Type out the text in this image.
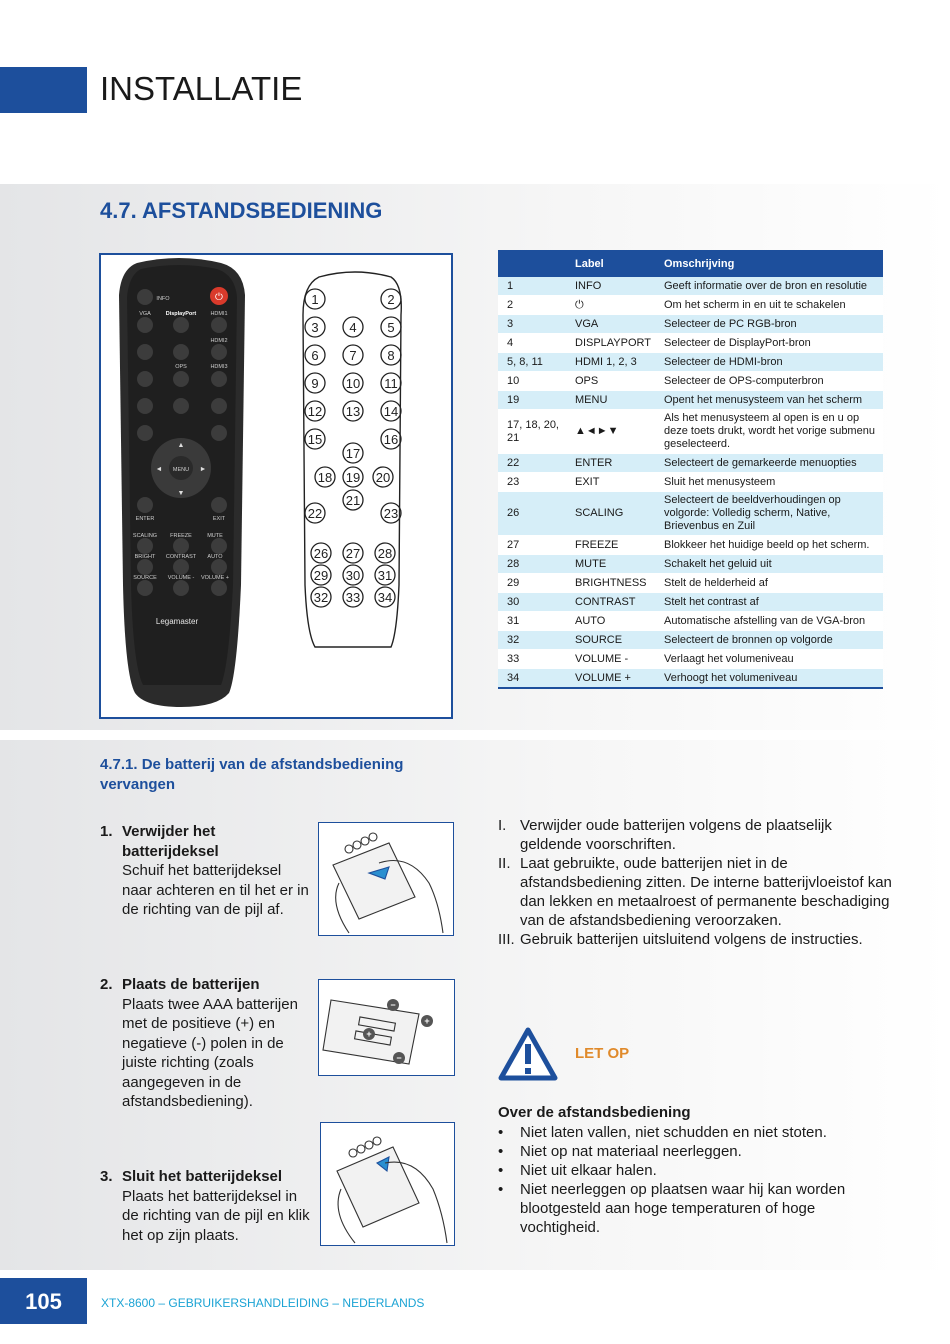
INSTALLATIE
4.7. AFSTANDSBEDIENING
⏻
▲
▼
◄	►
INFO
VGA	DisplayPort	HDMI1
HDMI2
OPS	HDMI3
MENU
ENTER	EXIT
SCALING FREEZE	MUTE
BRIGHT CONTRAST AUTO
SOURCE VOLUME - VOLUME +
Legamaster
1	2
3 4 5
6 7 8
9 10 11
12 13 14
15	16
17
18 19 20
21
22	23
26 27 28
29 30 31
32 33 34
	Label	Omschrijving
1	INFO	Geeft informatie over de bron en resolutie
2	⏻	Om het scherm in en uit te schakelen
3	VGA	Selecteer de PC RGB-bron
4	DISPLAYPORT	Selecteer de DisplayPort-bron
5, 8, 11	HDMI 1, 2, 3	Selecteer de HDMI-bron
10	OPS	Selecteer de OPS-computerbron
19	MENU	Opent het menusysteem van het scherm
17, 18, 20, 21	▲◄►▼	Als het menusysteem al open is en u op deze toets drukt, wordt het vorige submenu geselecteerd.
22	ENTER	Selecteert de gemarkeerde menuopties
23	EXIT	Sluit het menusysteem
26	SCALING	Selecteert de beeldverhoudingen op volgorde: Volledig scherm, Native, Brievenbus en Zuil
27	FREEZE	Blokkeer het huidige beeld op het scherm.
28	MUTE	Schakelt het geluid uit
29	BRIGHTNESS	Stelt de helderheid af
30	CONTRAST	Stelt het contrast af
31	AUTO	Automatische afstelling van de VGA-bron
32	SOURCE	Selecteert de bronnen op volgorde
33	VOLUME -	Verlaagt het volumeniveau
34	VOLUME +	Verhoogt het volumeniveau
4.7.1. De batterij van de afstandsbediening vervangen
1. Verwijder het batterijdeksel
Schuif het batterijdeksel naar achteren en til het er in de richting van de pijl af.
2. Plaats de batterijen
Plaats twee AAA batterijen met de positieve (+) en negatieve (-) polen in de juiste richting (zoals aangegeven in de afstandsbediening).
3. Sluit het batterijdeksel
Plaats het batterijdeksel in de richting van de pijl en klik het op zijn plaats.
−
+
+
−
I. Verwijder oude batterijen volgens de plaatselijk geldende voorschriften.
II. Laat gebruikte, oude batterijen niet in de afstandsbediening zitten. De interne batterijvloeistof kan dan lekken en metaalroest of permanente beschadiging van de afstandsbediening veroorzaken.
III. Gebruik batterijen uitsluitend volgens de instructies.
LET OP
Over de afstandsbediening
• Niet laten vallen, niet schudden en niet stoten.
• Niet op nat materiaal neerleggen.
• Niet uit elkaar halen.
• Niet neerleggen op plaatsen waar hij kan worden blootgesteld aan hoge temperaturen of hoge vochtigheid.
105	XTX-8600 – GEBRUIKERSHANDLEIDING – NEDERLANDS
